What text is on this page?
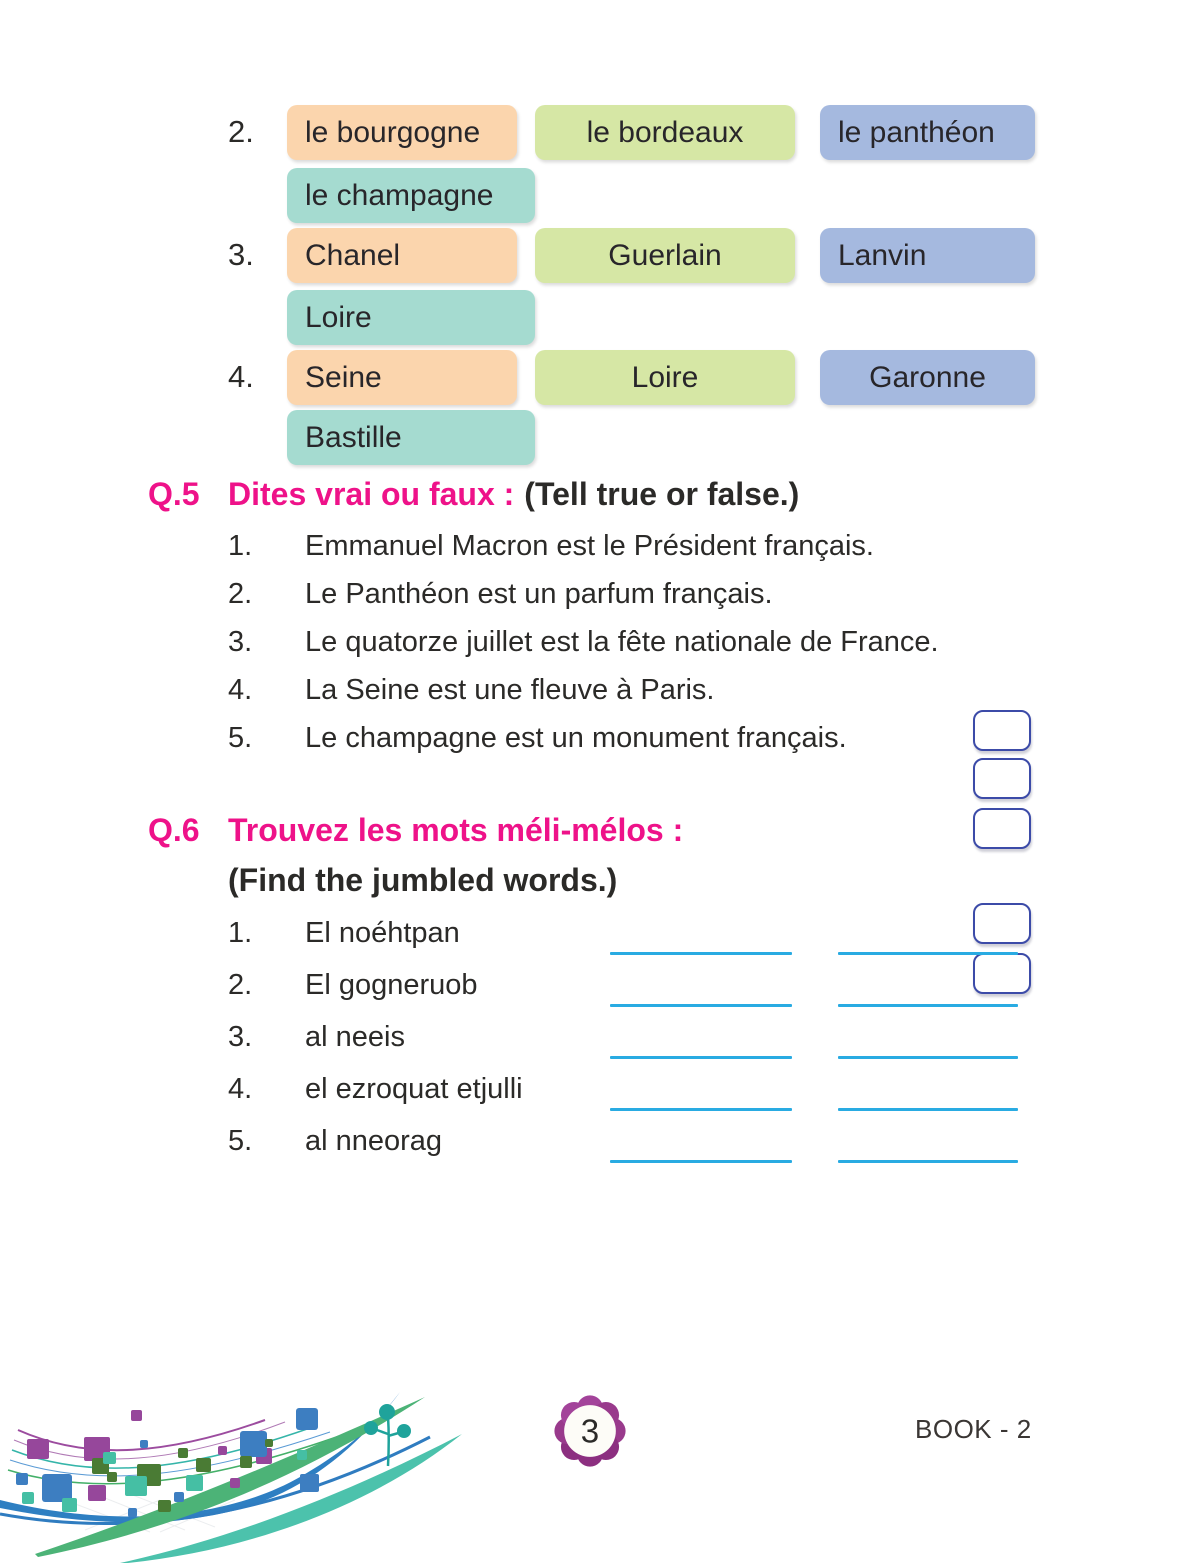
2.	le bourgogne	le bordeaux	le panthéon
le champagne
3.	Chanel	Guerlain	Lanvin
Loire
4.	Seine	Loire	Garonne
Bastille
Q.5 Dites vrai ou faux : (Tell true or false.)
1.	Emmanuel Macron est le Président français.
2.	Le Panthéon est un parfum français.
3.	Le quatorze juillet est la fête nationale de France.
4.	La Seine est une fleuve à Paris.
5.	Le champagne est un monument français.
Q.6 Trouvez les mots méli-mélos :
(Find the jumbled words.)
1.	El noéhtpan
2.	El gogneruob
3.	al neeis
4.	el ezroquat etjulli
5.	al nneorag
3	BOOK - 2
